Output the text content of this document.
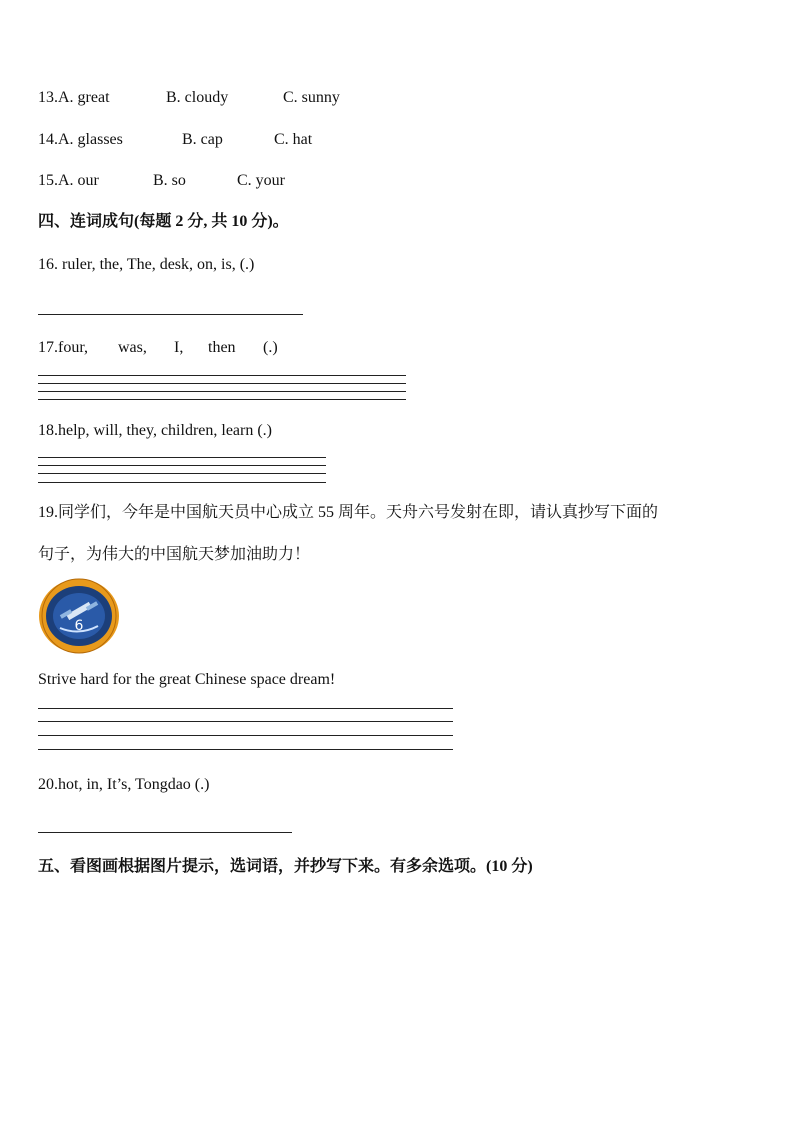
13.A. great	B. cloudy	C. sunny
14.A. glasses	B. cap	C. hat
15.A. our	B. so	C. your
四、连词成句(每题 2 分, 共 10 分)。
16. ruler, the, The, desk, on, is, (.)
17.four, was, I, then (.)
18.help, will, they, children, learn (.)
19.同学们，今年是中国航天员中心成立 55 周年。天舟六号发射在即，请认真抄写下面的
句子，为伟大的中国航天梦加油助力！
6
Strive hard for the great Chinese space dream!
20.hot, in, It’s, Tongdao (.)
五、看图画根据图片提示，选词语，并抄写下来。有多余选项。(10 分)
